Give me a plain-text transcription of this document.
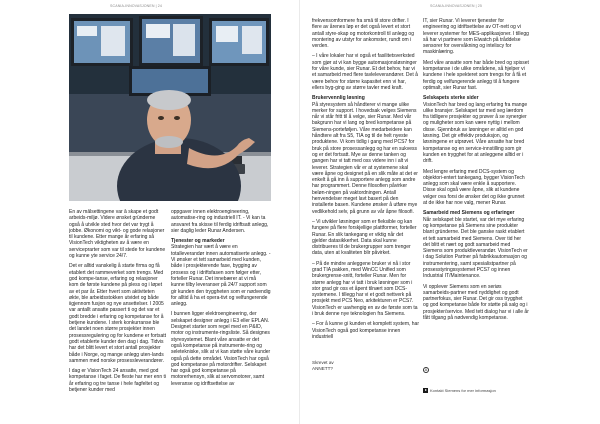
SCANIA-INNOVASJONEN | 24

En av målsettingene var å skape et godt arbeids-miljø. Videre ønsket gründerne også å utvikle sted hvor det var trygt å jobbe. Økonomi og vikt- og gode relasjoner til kundene. Etter mange år erfaring så VisionTech viktigheten av å være en serviceprarter som var til stede for kundene og kunne yte service 24/7.

Det er alltid vanskelig å starte firma og få etablert det rammeverket som trengs. Med god kompe-tanse, erfaring og relasjoner kom de første kundene på pless og i løpet av et par år. Etter hvert som aktiviteten økte, ble arbeidsstokken utvidet og både iigjennom fusjon og nye ansettelser. I 2005 var antallt ansatte passert ti og det var et godt bredde i erfaring og kompetanse for å betjene kundene. I sterk konkurranse ble det landet noen større prosjekter innen prosessregulering og for kundene er fortsatt godt etablerte kunder den dag i dag. Tidvis har det blitt levert et stort antall prosjekter både i Norge, og mange anlegg uten-lands sammen med norske prosessleverandører.

I dag er VisionTech 24 ansatte, med god kompetanse i faget. De fleste har mer enn ti år erfaring og tre tanse i hele fagfeltet og betjener kunder med

oppgaver innen elektroengineering, automatise-ring og industriell IT. - Vi kan ta ansvaret fra skisse til ferdig idriftsatt anlegg, sier daglig leder Runar Andersen.

Tjenester og markeder

Strategien har vært å være en totalleverandør innen automatiserte anlegg. - Vi ønsker et tett samarbeid med kunden, både i prosjekterende fase, bygging av prosess og i idriftsfasen som følger etter, forteller Runar. Det innebærer at vi må kunne tilby leveranser på 24/7 support som gir kunden den tryggheten som er nødvendig for alltid å ha et opera-tivt og velfungerende anlegg.

I bunnen ligger elektroengineering, der selskapet designer anlegg i E3 eller EPLAN. Designet starter som regel med en P&ID, motor og instrumente-ringsliste. Så designes styresystemet. Blant våre ansatte er det også kompetanse på instrumente-ring og seletekniske, slik at vi kan støtte våre kunder også på dette området. VisionTech har også god kompetanse på motordrifter. Selskapet har også god kompetanse på motorerhensyn, slik at servomotorer, samt leveranse og idriftsettelse av

SCANIA-INNOVASJONEN | 25

frekvensomformere fra små til store drifter. I flere av årenes løp er det også levert et stort antall styre-skap og motorkontroll til anlegg og montering av utstyr for ankomster, rundt om i verden.

– I våre lokaler har vi også et fasilitetsverksted som gjør at vi kan bygge automasjonsløsninger for våre kunde, sier Runar. Et det behov, har vi et samarbeid med flere tavleleverandører. Det å være behov for større kapasitet enn vi har, ellers byg-ging av større tavler med kraft.

Brukervennlig løsning

På styresystem så håndterer vi mange ulike merker for support. I hovedsak velges Siemens når vi står fritt til å velge, sier Runar. Med vår bakgrunn har vi lang og bred kompetanse på Siemens-porteføljen. Våre medarbeidere kan håndtere alt fra S5, TIA og til de helt nyeste produktene. Vi kom tidlig i gang med PCS7 for bruk på store prosessanlegg og har en sukvess og er det fortsatt. Mye av denne tanken og gangen har vi tatt med oss videre inn i alt vi leverer. Strategien vår er at systemene skal være åpne og designet på en slik måte at det er enkelt å gå inn å supportere anlegg som andre har programmert. Denne filosofien påvirker beløn-ningen på vaktordningen. Antall henvendelser meget lavt basert på den installerte basen. Kundene ønsker å utføre mye vedlikehold selv, på grunn av vår åpne filosofi.

– Vi utvikler løsninger som er fleksible og kan fungere på flere forskjellige plattformer, forteller Runar. En slik tankegang er viktig når det gjelder datasikkerhet. Data skal kunne distribueres til de brukergrupper som trenger data, uten at kvaliteten blir påvirket.

– På de mindre anleggene bruker vi nå i stor grad TIA pakken, med WinCC Unified som brukergrense-snitt, forteller Runar. Men for større anlegg har vi tatt i bruk løsninger som i stor grad gir oss et åpent tilnært som DCS-systemene. I tillegg har vi et godt nettverk på prosjekt med PCS Neo, arkitekturen er PCS7. VisionTech er uavhengig en av de første som ta i bruk denne nye teknologien fra Siemens.

– For å kunne gi kunden et komplett system, har VisionTech også god kompetanse innen industriell

IT, sier Runar. Vi leverer tjenester for engineering og idriftsettelse av OT-nett og vi leverer systemer for MES-applikasjoner. I tillegg så har vi partnere som Elwatch på tråddelse sensorer for overvåkning og inteliscy for maskinlæring.

Med våre ansatte som har både bred og spisset kompetanse i de ulike områdene, så hjelper vi kundene i hele spekteret som trengs for å få et ferdig og velfungerende anlegg til å fungere optimalt, sier Runar fast.

Selskapets sterke sider

VisionTech har bred og lang erfaring fra mange ulike bransjer. Selskapet tar med seg lærdom fra tidligere prosjekter og prøver å se synergier og muligheter som kan være nyttig i mellom disse. Gjennbruk av løsninger er alltid en god løsning. Det gir effektiv produksjon, og løsningene er utprøvet. Våre ansatte har bred kompetanse og en service-innstilling som gir kunden en trygghet for at anleggene alltid er i drift.

Med lengre erfaring med DCS-system og objektori-entert tankegang, bygger VisionTech anlegg som skal være enkle å supportere. Disse skal også være åpne, slik at kundene velger ova forsi de ønsker det og ikke grunnet at de ikke har noe valg, mener Runar.

Samarbeid med Siemens og erfaringer

Når selskapet ble startet, var det mye erfaring og kompetanse på Siemens sine produkter blant gründerne. Det ble ganske raskt etablert et tett samarbeid med Siemens. Over tid her det blitt et nært og godt samarbeid med Siemens som produktleverandør. VisionTech er i dag Solution Partner på fabrikkautomasjon og instrumentering, samt spesialistpartner på prosesstyringssystemet PCS7 og innen Industrial IT/Maintenance.

Vi opplever Siemens som en seriøs samarbeids-partner med nyddighet og godt partnerfokus, sier Runar. Det gir oss trygghet og god kompetanse både for støtte på salg og i prosjekter/service. Med tett dialog har vi i alle år fått tilgang på nødvendig kompetanse.

Skrevet av
ANNETT?	A
Kontakt Siemens for mer informasjon
